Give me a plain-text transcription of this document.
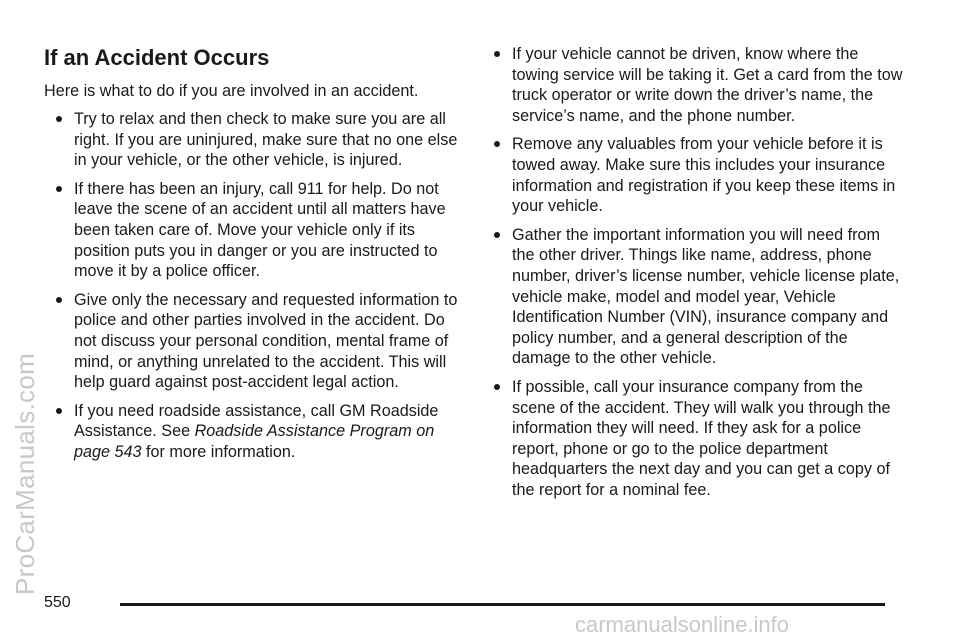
ProCarManuals.com
If an Accident Occurs

Here is what to do if you are involved in an accident.

Try to relax and then check to make sure you are all right. If you are uninjured, make sure that no one else in your vehicle, or the other vehicle, is injured.
If there has been an injury, call 911 for help. Do not leave the scene of an accident until all matters have been taken care of. Move your vehicle only if its position puts you in danger or you are instructed to move it by a police officer.
Give only the necessary and requested information to police and other parties involved in the accident. Do not discuss your personal condition, mental frame of mind, or anything unrelated to the accident. This will help guard against post-accident legal action.
If you need roadside assistance, call GM Roadside Assistance. See Roadside Assistance Program on page 543 for more information.
If your vehicle cannot be driven, know where the towing service will be taking it. Get a card from the tow truck operator or write down the driver’s name, the service’s name, and the phone number.
Remove any valuables from your vehicle before it is towed away. Make sure this includes your insurance information and registration if you keep these items in your vehicle.
Gather the important information you will need from the other driver. Things like name, address, phone number, driver’s license number, vehicle license plate, vehicle make, model and model year, Vehicle Identification Number (VIN), insurance company and policy number, and a general description of the damage to the other vehicle.
If possible, call your insurance company from the scene of the accident. They will walk you through the information they will need. If they ask for a police report, phone or go to the police department headquarters the next day and you can get a copy of the report for a nominal fee.
550
carmanualsonline.info
